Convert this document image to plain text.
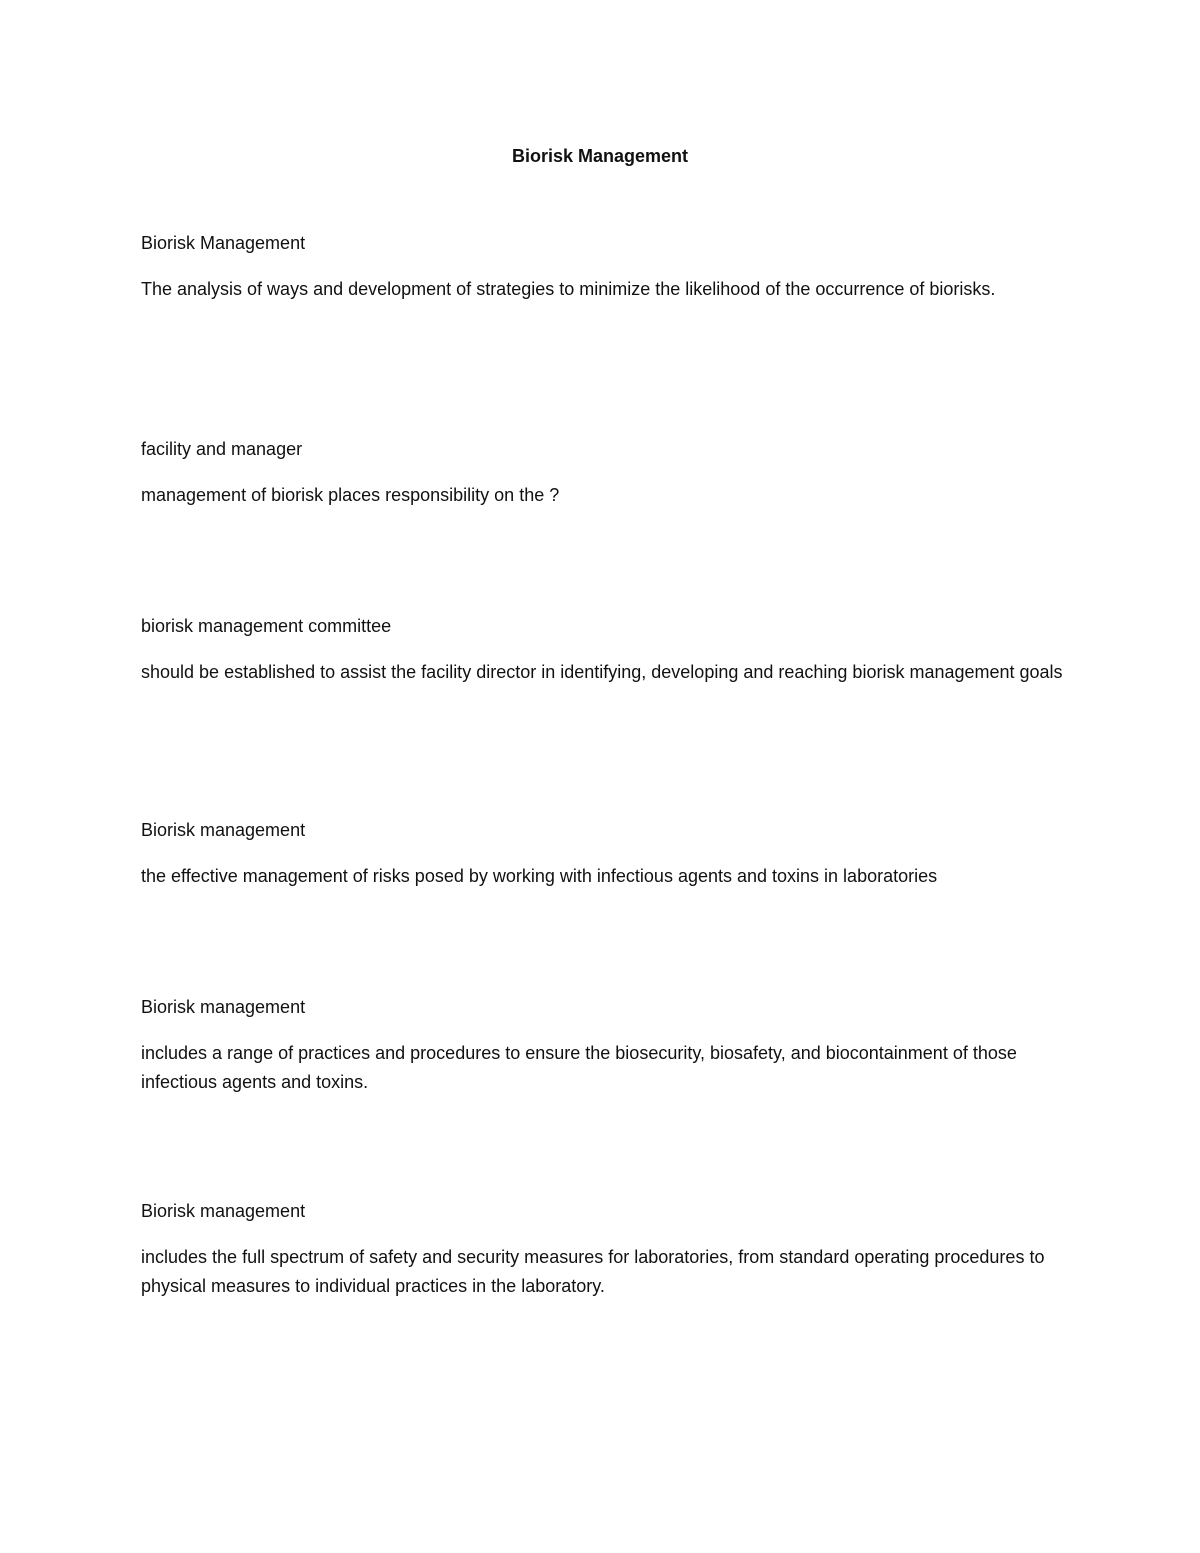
Biorisk Management

Biorisk Management

The analysis of ways and development of strategies to minimize the likelihood of the occurrence of biorisks.

facility and manager

management of biorisk places responsibility on the ?

biorisk management committee

should be established to assist the facility director in identifying, developing and reaching biorisk management goals

Biorisk management

the effective management of risks posed by working with infectious agents and toxins in laboratories

Biorisk management

includes a range of practices and procedures to ensure the biosecurity, biosafety, and biocontainment of those infectious agents and toxins.

Biorisk management

includes the full spectrum of safety and security measures for laboratories, from standard operating procedures to physical measures to individual practices in the laboratory.
